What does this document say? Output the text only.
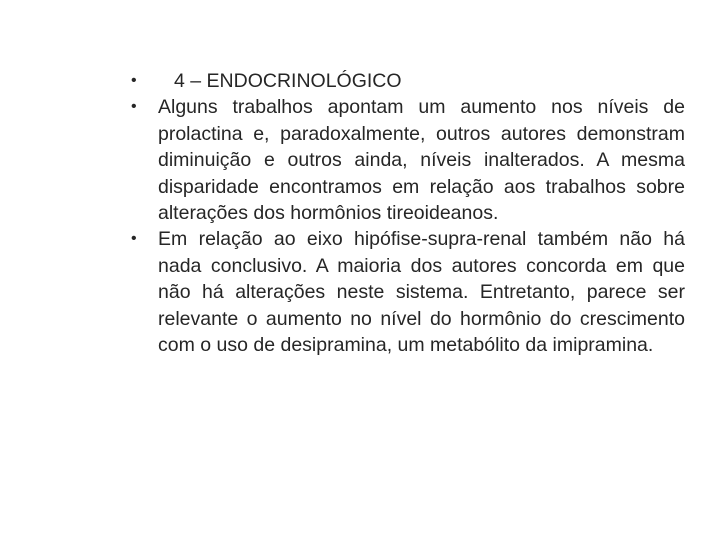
•	4 – ENDOCRINOLÓGICO
•	Alguns trabalhos apontam um aumento nos níveis de prolactina e, paradoxalmente, outros autores demonstram diminuição e outros ainda, níveis inalterados. A mesma disparidade encontramos em relação aos trabalhos sobre alterações dos hormônios tireoideanos.
•	Em relação ao eixo hipófise-supra-renal também não há nada conclusivo. A maioria dos autores concorda em que não há alterações neste sistema. Entretanto, parece ser relevante o aumento no nível do hormônio do crescimento com o uso de desipramina, um metabólito da imipramina.
